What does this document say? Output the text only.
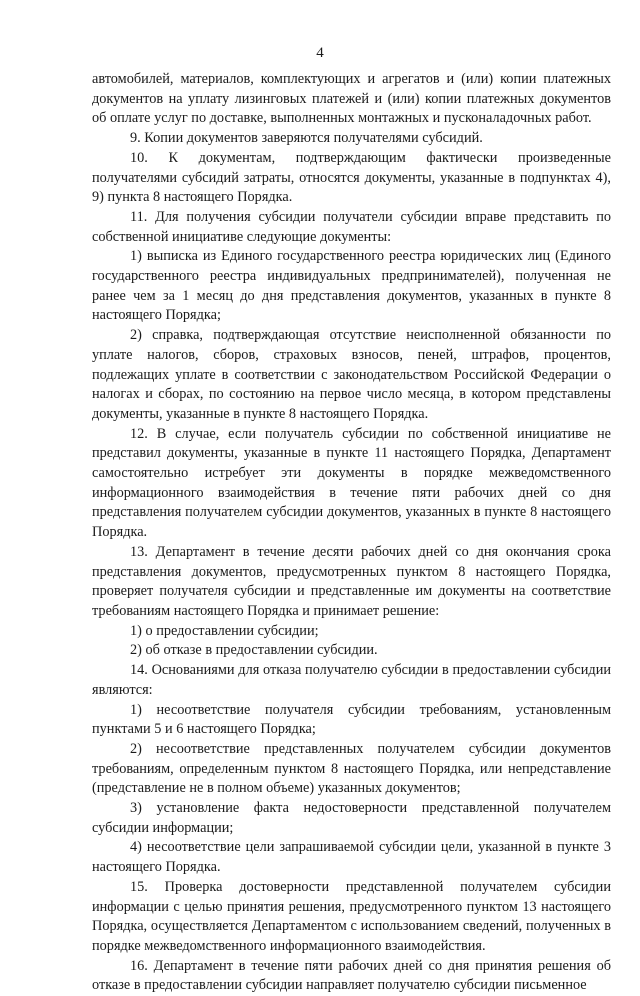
4

автомобилей, материалов, комплектующих и агрегатов и (или) копии платежных документов на уплату лизинговых платежей и (или) копии платежных документов об оплате услуг по доставке, выполненных монтажных и пусконаладочных работ.

9. Копии документов заверяются получателями субсидий.

10. К документам, подтверждающим фактически произведенные получателями субсидий затраты, относятся документы, указанные в подпунктах 4), 9) пункта 8 настоящего Порядка.

11. Для получения субсидии получатели субсидии вправе представить по собственной инициативе следующие документы:

1) выписка из Единого государственного реестра юридических лиц (Единого государственного реестра индивидуальных предпринимателей), полученная не ранее чем за 1 месяц до дня представления документов, указанных в пункте 8 настоящего Порядка;

2) справка, подтверждающая отсутствие неисполненной обязанности по уплате налогов, сборов, страховых взносов, пеней, штрафов, процентов, подлежащих уплате в соответствии с законодательством Российской Федерации о налогах и сборах, по состоянию на первое число месяца, в котором представлены документы, указанные в пункте 8 настоящего Порядка.

12. В случае, если получатель субсидии по собственной инициативе не представил документы, указанные в пункте 11 настоящего Порядка, Департамент самостоятельно истребует эти документы в порядке межведомственного информационного взаимодействия в течение пяти рабочих дней со дня представления получателем субсидии документов, указанных в пункте 8 настоящего Порядка.

13. Департамент в течение десяти рабочих дней со дня окончания срока представления документов, предусмотренных пунктом 8 настоящего Порядка, проверяет получателя субсидии и представленные им документы на соответствие требованиям настоящего Порядка и принимает решение:

1) о предоставлении субсидии;

2) об отказе в предоставлении субсидии.

14. Основаниями для отказа получателю субсидии в предоставлении субсидии являются:

1) несоответствие получателя субсидии требованиям, установленным пунктами 5 и 6 настоящего Порядка;

2) несоответствие представленных получателем субсидии документов требованиям, определенным пунктом 8 настоящего Порядка, или непредставление (представление не в полном объеме) указанных документов;

3) установление факта недостоверности представленной получателем субсидии информации;

4) несоответствие цели запрашиваемой субсидии цели, указанной в пункте 3 настоящего Порядка.

15. Проверка достоверности представленной получателем субсидии информации с целью принятия решения, предусмотренного пунктом 13 настоящего Порядка, осуществляется Департаментом с использованием сведений, полученных в порядке межведомственного информационного взаимодействия.

16. Департамент в течение пяти рабочих дней со дня принятия решения об отказе в предоставлении субсидии направляет получателю субсидии письменное
